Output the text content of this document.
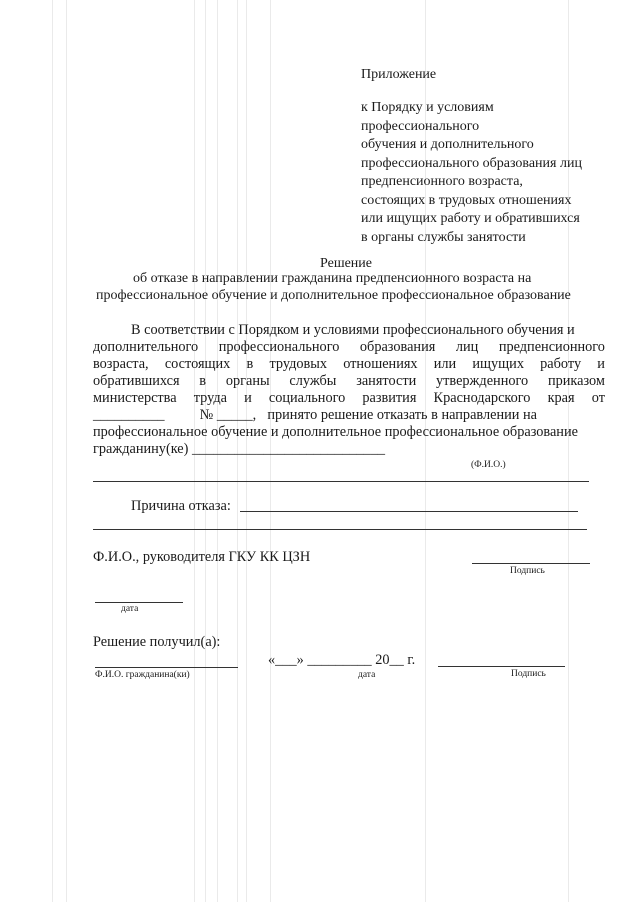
Приложение
к Порядку и условиям
профессионального
обучения и дополнительного
профессионального образования лиц
предпенсионного возраста,
состоящих в трудовых отношениях
или ищущих работу и обратившихся
в органы службы занятости
Решение
об отказе в направлении гражданина предпенсионного возраста на
профессиональное обучение и дополнительное профессиональное образование
В соответствии с Порядком и условиями профессионального обучения и
дополнительного профессионального образования лиц предпенсионного
возраста, состоящих в трудовых отношениях или ищущих работу и
обратившихся в органы службы занятости утвержденного приказом
министерства труда и социального развития Краснодарского края от
__________ № _____, принято решение отказать в направлении на
профессиональное обучение и дополнительное профессиональное образование
гражданину(ке) ___________________________
(Ф.И.О.)
Причина отказа:
Ф.И.О., руководителя ГКУ КК ЦЗН
Подпись
дата
Решение получил(а):
Ф.И.О. гражданина(ки)
«___» _________ 20__ г.
дата	Подпись
